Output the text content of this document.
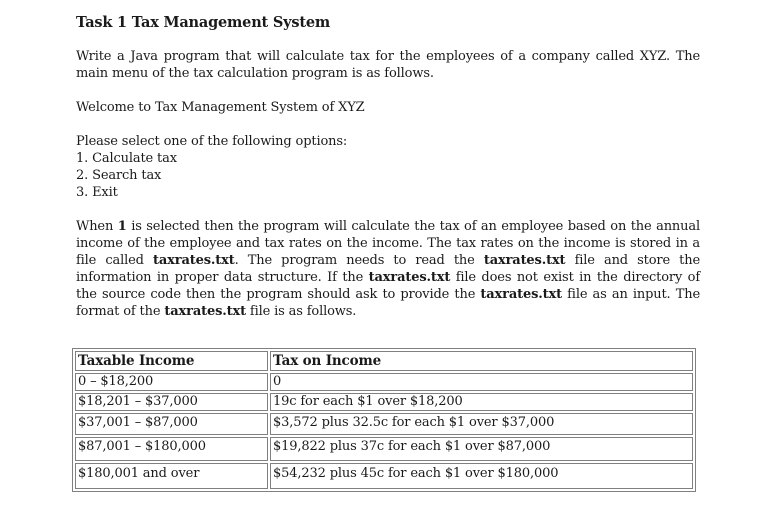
Task 1 Tax Management System

Write a Java program that will calculate tax for the employees of a company called XYZ. The main menu of the tax calculation program is as follows.

Welcome to Tax Management System of XYZ

Please select one of the following options:

1. Calculate tax

2. Search tax

3. Exit

When 1 is selected then the program will calculate the tax of an employee based on the annual income of the employee and tax rates on the income. The tax rates on the income is stored in a file called taxrates.txt. The program needs to read the taxrates.txt file and store the information in proper data structure. If the taxrates.txt file does not exist in the directory of the source code then the program should ask to provide the taxrates.txt file as an input. The format of the taxrates.txt file is as follows.

Taxable Income	Tax on Income
0 – $18,200	0
$18,201 – $37,000	19c for each $1 over $18,200
$37,001 – $87,000	$3,572 plus 32.5c for each $1 over $37,000
$87,001 – $180,000	$19,822 plus 37c for each $1 over $87,000
$180,001 and over	$54,232 plus 45c for each $1 over $180,000
